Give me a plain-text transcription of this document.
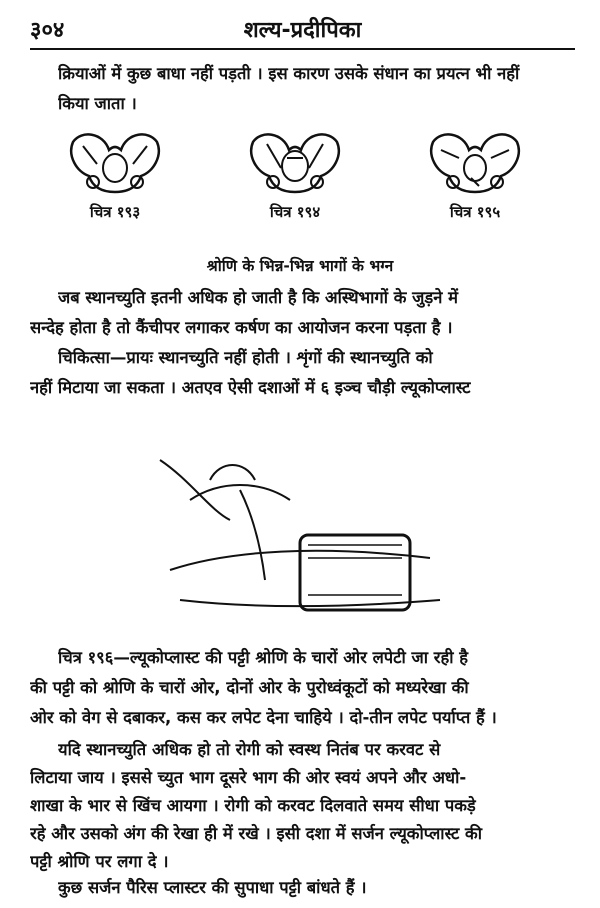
३०४	शल्य-प्रदीपिका
क्रियाओं में कुछ बाधा नहीं पड़ती । इस कारण उसके संधान का प्रयत्न भी नहीं
किया जाता ।
चित्र १९३	चित्र १९४	चित्र १९५
श्रोणि के भिन्न-भिन्न भागों के भग्न
जब स्थानच्युति इतनी अधिक हो जाती है कि अस्थिभागों के जुड़ने में
सन्देह होता है तो कैंचीपर लगाकर कर्षण का आयोजन करना पड़ता है ।
चिकित्सा—प्रायः स्थानच्युति नहीं होती । शृंगों की स्थानच्युति को
नहीं मिटाया जा सकता । अतएव ऐसी दशाओं में ६ इञ्च चौड़ी ल्यूकोप्लास्ट
चित्र १९६—ल्यूकोप्लास्ट की पट्टी श्रोणि के चारों ओर लपेटी जा रही है
की पट्टी को श्रोणि के चारों ओर, दोनों ओर के पुरोध्वंकूटों को मध्यरेखा की
ओर को वेग से दबाकर, कस कर लपेट देना चाहिये । दो-तीन लपेट पर्याप्त हैं ।
यदि स्थानच्युति अधिक हो तो रोगी को स्वस्थ नितंब पर करवट से
लिटाया जाय । इससे च्युत भाग दूसरे भाग की ओर स्वयं अपने और अधो-
शाखा के भार से खिंच आयगा । रोगी को करवट दिलवाते समय सीधा पकड़े
रहे और उसको अंग की रेखा ही में रखे । इसी दशा में सर्जन ल्यूकोप्लास्ट की
पट्टी श्रोणि पर लगा दे ।
कुछ सर्जन पैरिस प्लास्टर की सुपाधा पट्टी बांधते हैं ।
